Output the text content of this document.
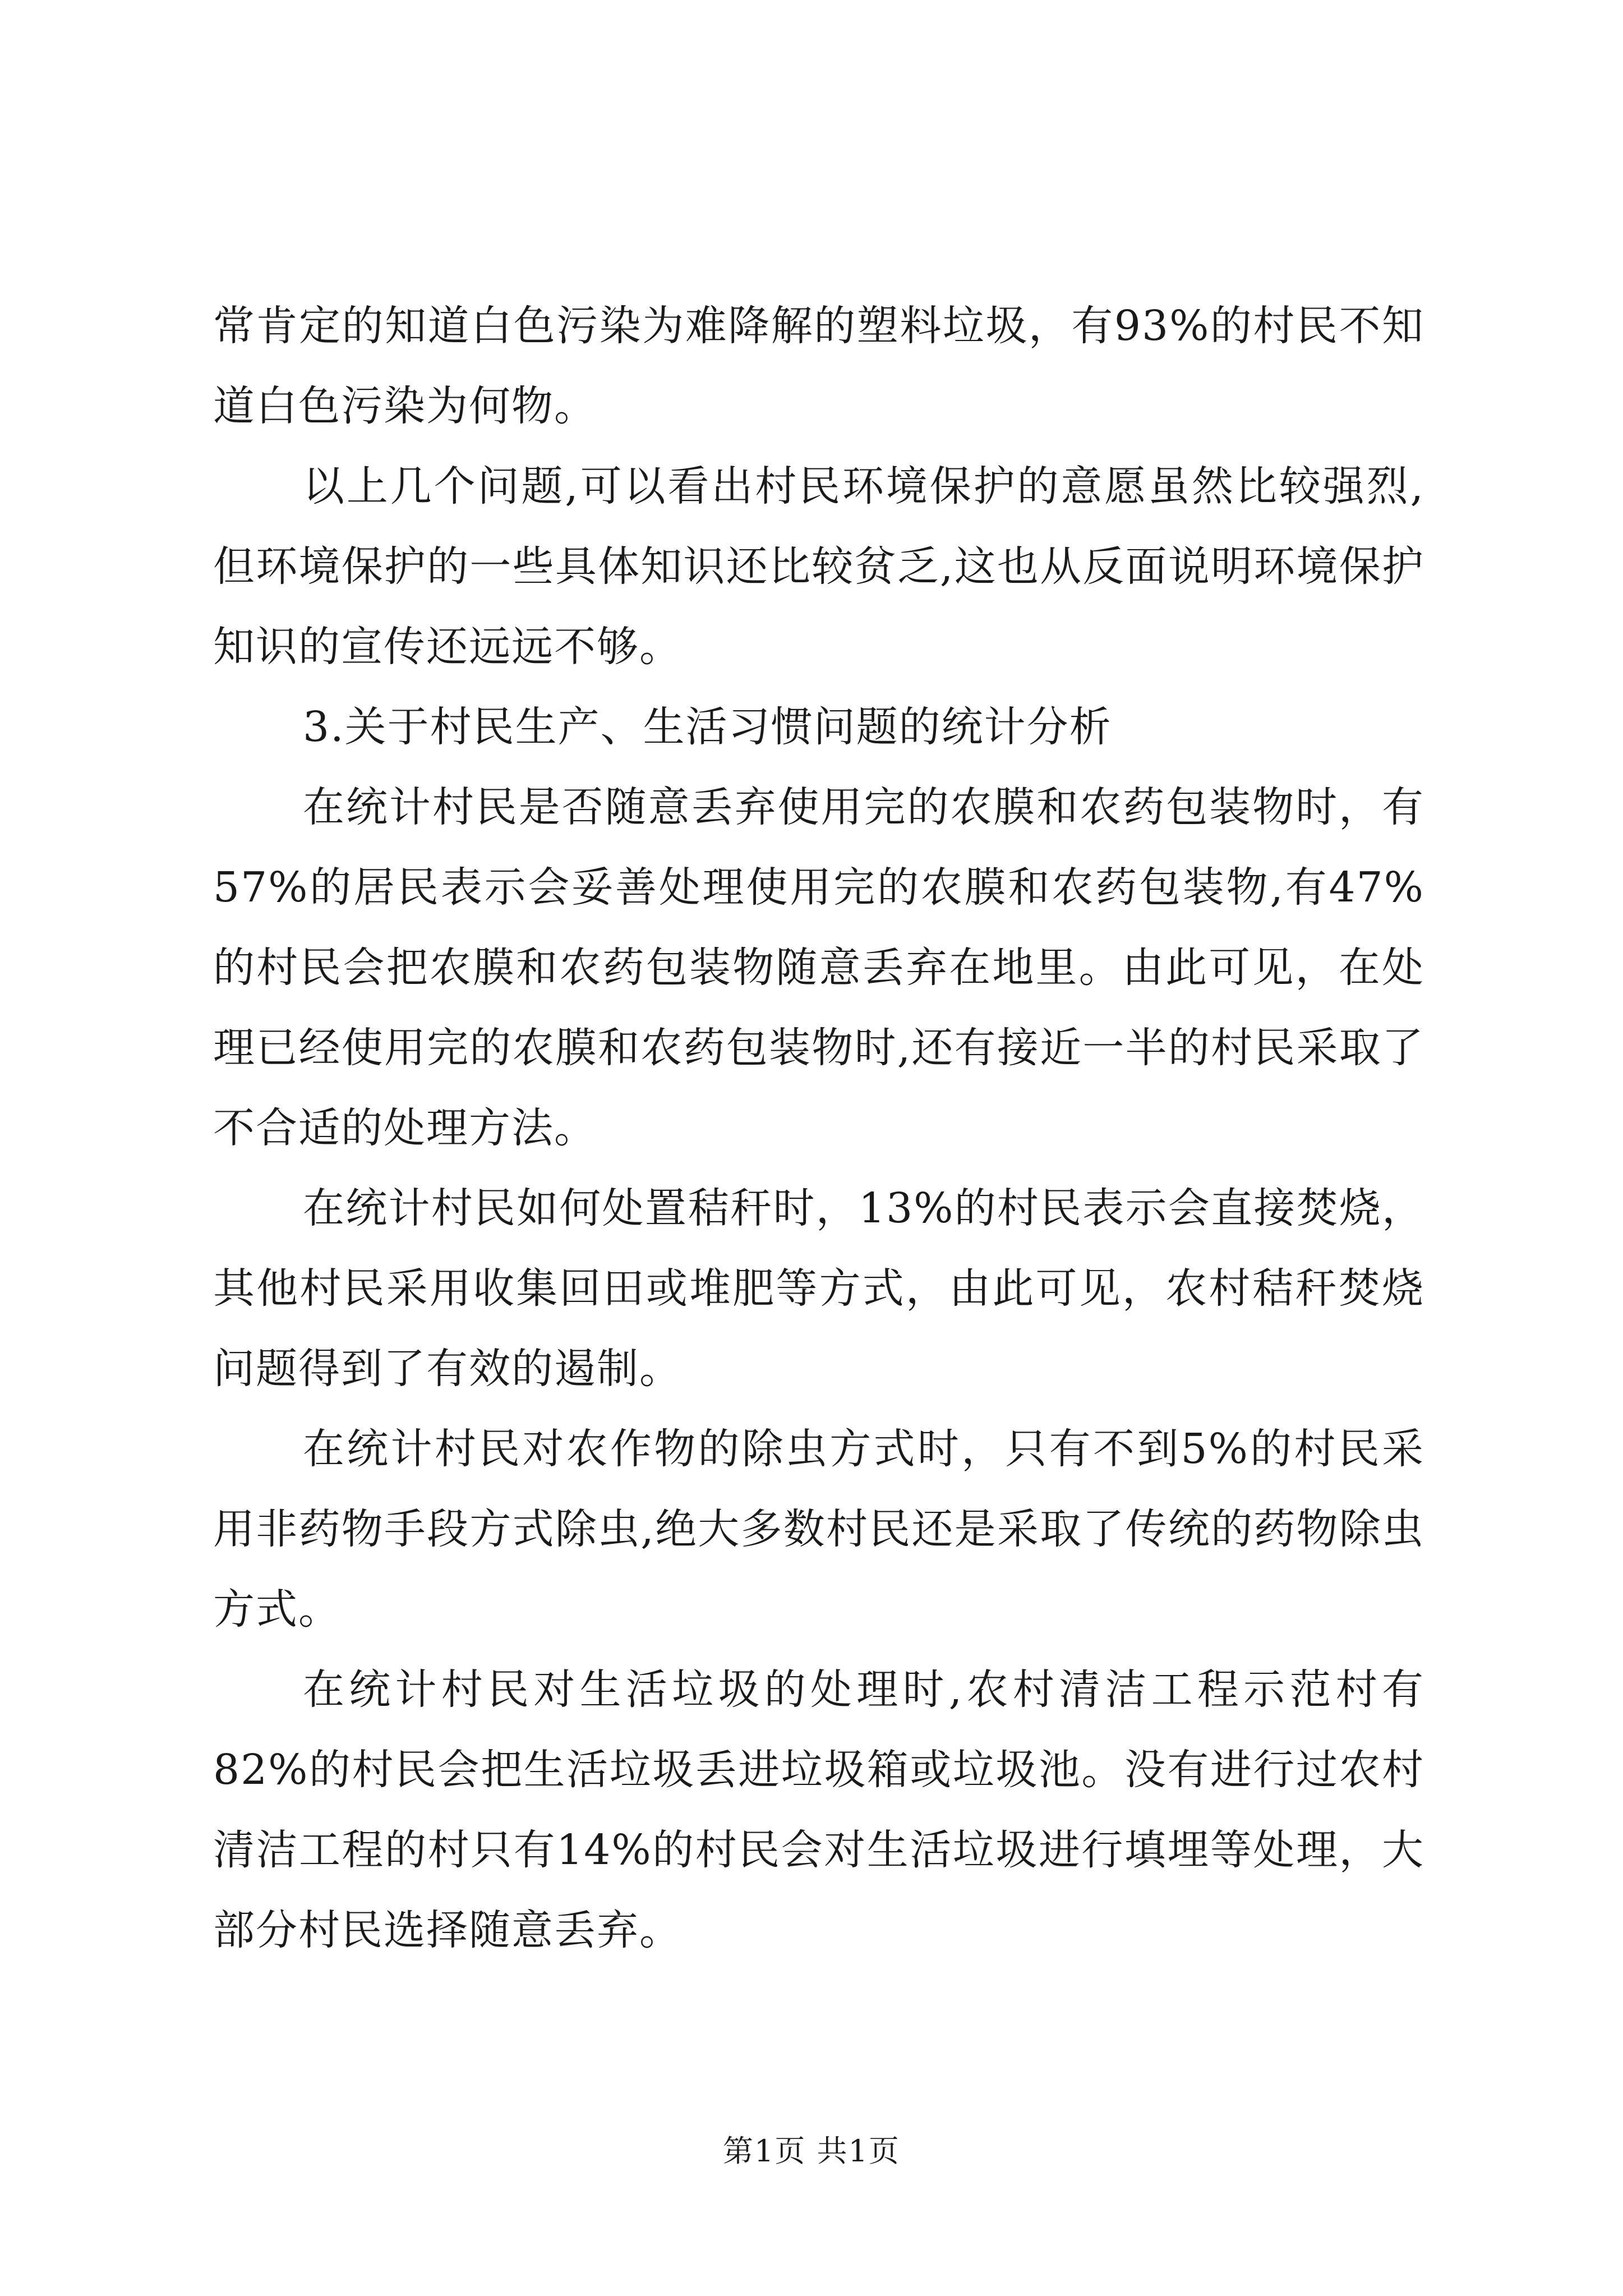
常肯定的知道白色污染为难降解的塑料垃圾，有93%的村民不知道白色污染为何物。

以上几个问题,可以看出村民环境保护的意愿虽然比较强烈,但环境保护的一些具体知识还比较贫乏,这也从反面说明环境保护知识的宣传还远远不够。

3.关于村民生产、生活习惯问题的统计分析

在统计村民是否随意丢弃使用完的农膜和农药包装物时，有57%的居民表示会妥善处理使用完的农膜和农药包装物,有47%的村民会把农膜和农药包装物随意丢弃在地里。由此可见，在处理已经使用完的农膜和农药包装物时,还有接近一半的村民采取了不合适的处理方法。

在统计村民如何处置秸秆时，13%的村民表示会直接焚烧，其他村民采用收集回田或堆肥等方式，由此可见，农村秸秆焚烧问题得到了有效的遏制。

在统计村民对农作物的除虫方式时，只有不到5%的村民采用非药物手段方式除虫,绝大多数村民还是采取了传统的药物除虫方式。

在统计村民对生活垃圾的处理时,农村清洁工程示范村有82%的村民会把生活垃圾丢进垃圾箱或垃圾池。没有进行过农村清洁工程的村只有14%的村民会对生活垃圾进行填埋等处理，大部分村民选择随意丢弃。

第1页 共1页
